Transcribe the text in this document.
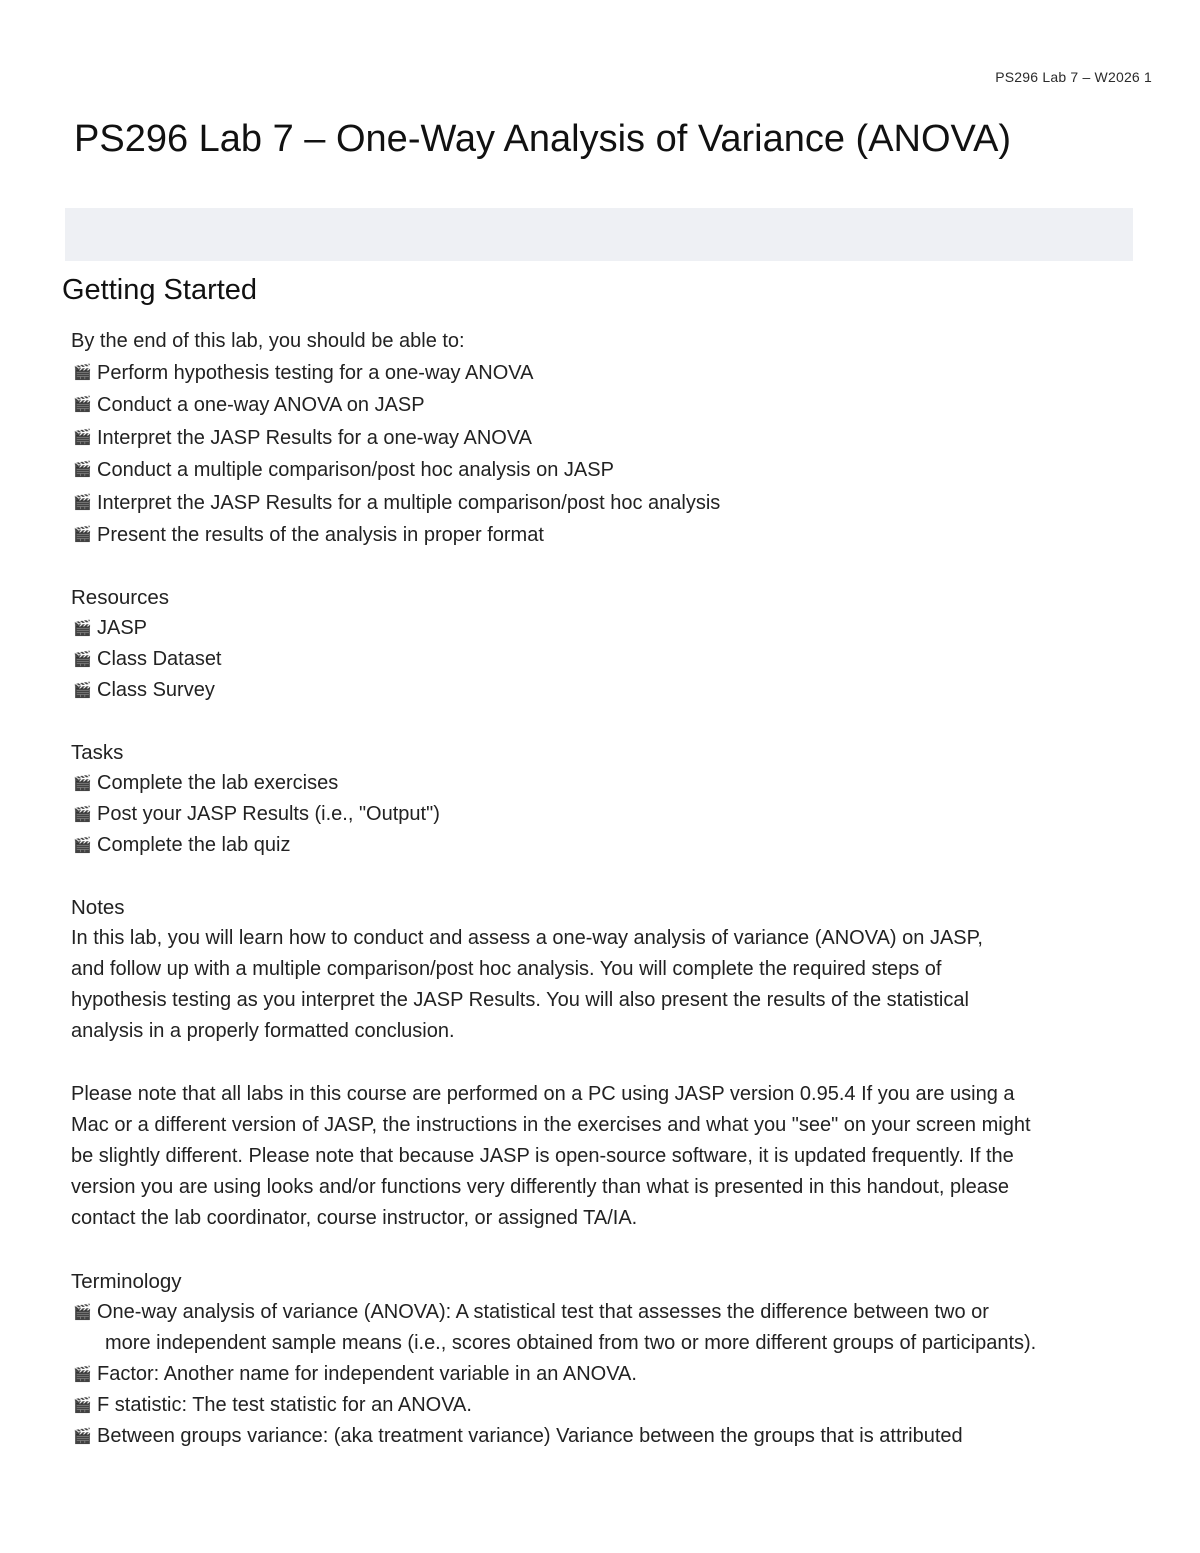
PS296 Lab 7 – W2026 1
PS296 Lab 7 – One-Way Analysis of Variance (ANOVA)
Getting Started

By the end of this lab, you should be able to:

🎬 Perform hypothesis testing for a one-way ANOVA
🎬 Conduct a one-way ANOVA on JASP
🎬 Interpret the JASP Results for a one-way ANOVA
🎬 Conduct a multiple comparison/post hoc analysis on JASP
🎬 Interpret the JASP Results for a multiple comparison/post hoc analysis
🎬 Present the results of the analysis in proper format
Resources
🎬 JASP
🎬 Class Dataset
🎬 Class Survey
Tasks
🎬 Complete the lab exercises
🎬 Post your JASP Results (i.e., "Output")
🎬 Complete the lab quiz
Notes

In this lab, you will learn how to conduct and assess a one-way analysis of variance (ANOVA) on JASP,
and follow up with a multiple comparison/post hoc analysis. You will complete the required steps of
hypothesis testing as you interpret the JASP Results. You will also present the results of the statistical
analysis in a properly formatted conclusion.

Please note that all labs in this course are performed on a PC using JASP version 0.95.4 If you are using a
Mac or a different version of JASP, the instructions in the exercises and what you "see" on your screen might
be slightly different. Please note that because JASP is open-source software, it is updated frequently. If the
version you are using looks and/or functions very differently than what is presented in this handout, please
contact the lab coordinator, course instructor, or assigned TA/IA.

Terminology
🎬 One-way analysis of variance (ANOVA): A statistical test that assesses the difference between two or
more independent sample means (i.e., scores obtained from two or more different groups of participants).
🎬 Factor: Another name for independent variable in an ANOVA.
🎬 F statistic: The test statistic for an ANOVA.
🎬 Between groups variance: (aka treatment variance) Variance between the groups that is attributed
